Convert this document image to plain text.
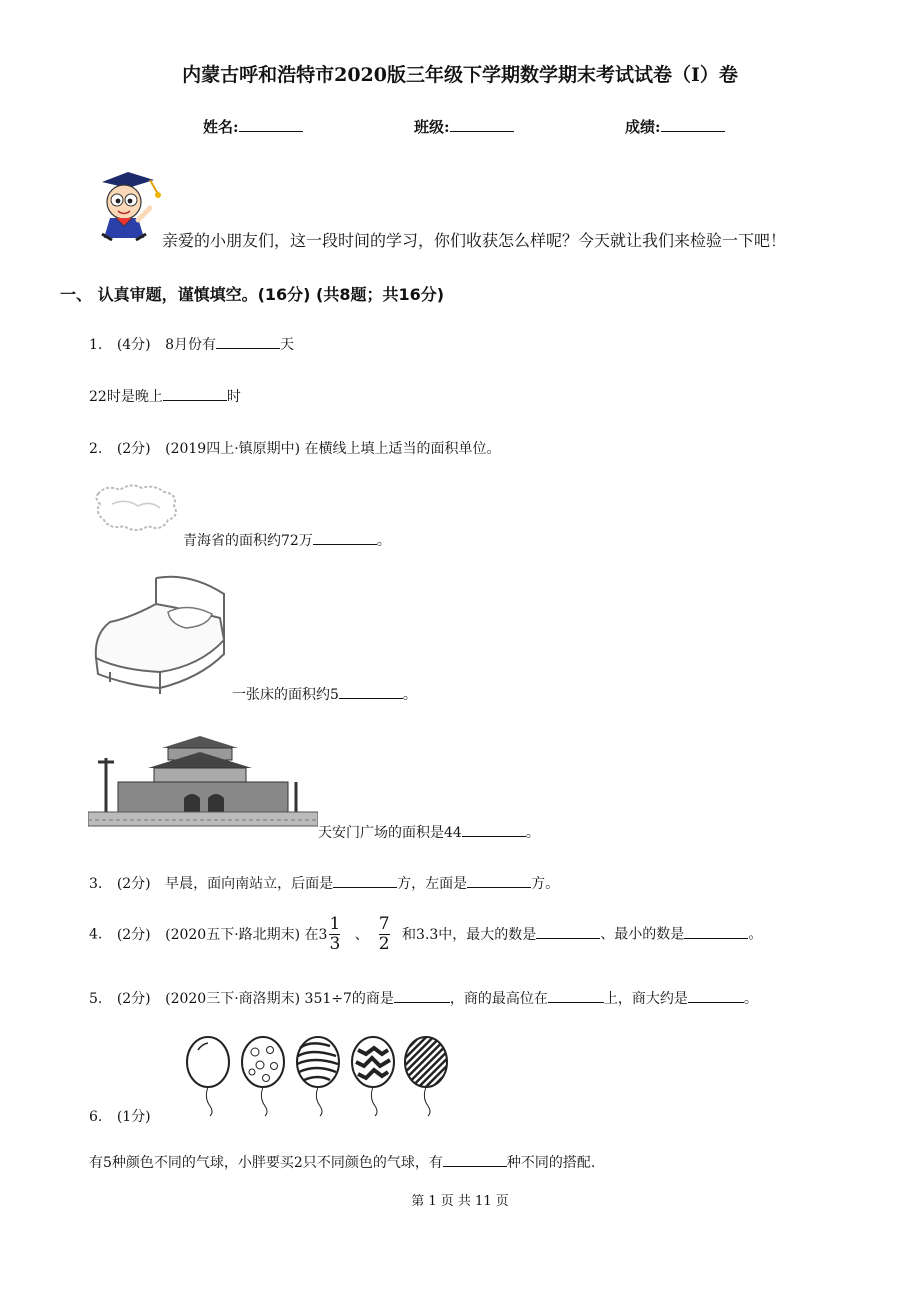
内蒙古呼和浩特市2020版三年级下学期数学期末考试试卷（I）卷
姓名:	班级:	成绩:
亲爱的小朋友们，这一段时间的学习，你们收获怎么样呢？今天就让我们来检验一下吧！
一、 认真审题，谨慎填空。(16分) (共8题；共16分)
1. (4分) 8月份有	天
22时是晚上	时
2. (2分) (2019四上·镇原期中) 在横线上填上适当的面积单位。
青海省的面积约72万	。
一张床的面积约5	。
天安门广场的面积是44	。
3. (2分) 早晨，面向南站立，后面是	方，左面是	方。
4. (2分) (2020五下·路北期末) 在$3 \frac{1}{3}$ 、 $\frac{7}{2}$ 和3.3中，最大的数是	、最小的数是	。
5. (2分) (2020三下·商洛期末) 351÷7的商是	，商的最高位在	上，商大约是	。
6. (1分)
有5种颜色不同的气球，小胖要买2只不同颜色的气球，有	种不同的搭配.
第 1 页 共 11 页
